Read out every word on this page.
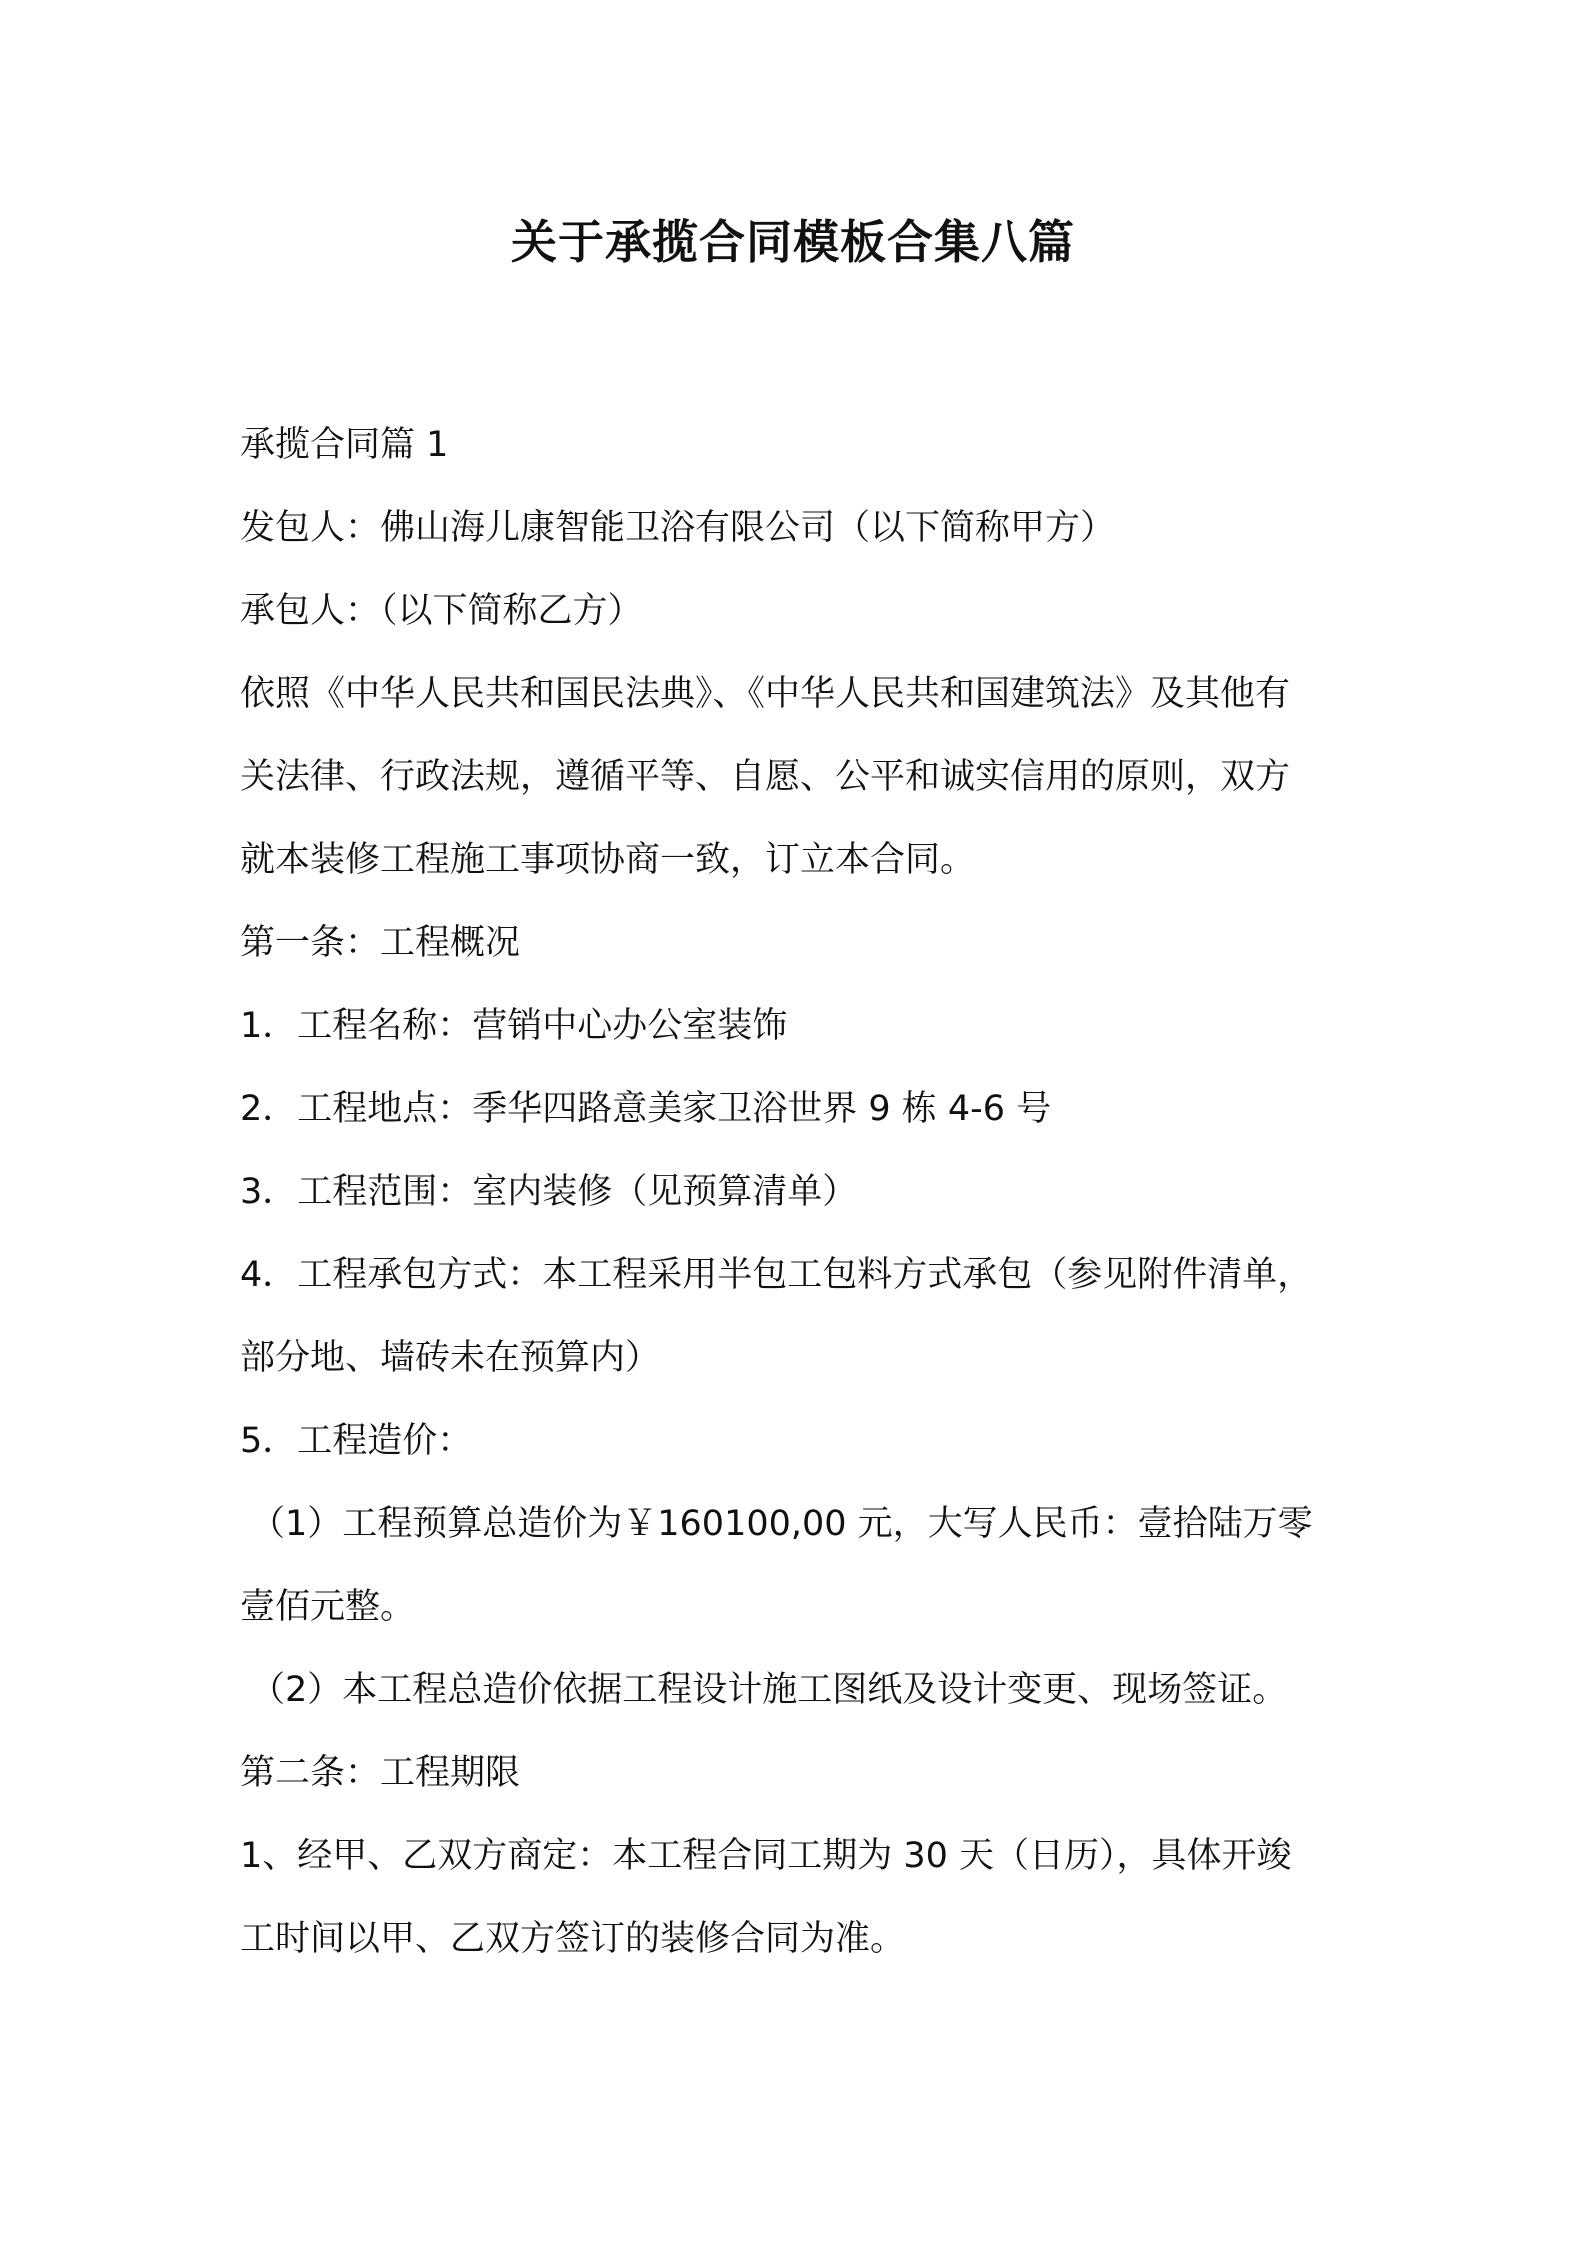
关于承揽合同模板合集八篇
承揽合同篇 1
发包人：佛山海儿康智能卫浴有限公司（以下简称甲方）
承包人：（以下简称乙方）
依照《中华人民共和国民法典》、《中华人民共和国建筑法》及其他有
关法律、行政法规，遵循平等、自愿、公平和诚实信用的原则，双方
就本装修工程施工事项协商一致，订立本合同。
第一条：工程概况
1．工程名称：营销中心办公室装饰
2．工程地点：季华四路意美家卫浴世界 9 栋 4-6 号
3．工程范围：室内装修（见预算清单）
4．工程承包方式：本工程采用半包工包料方式承包（参见附件清单，
部分地、墙砖未在预算内）
5．工程造价：
（1）工程预算总造价为￥160100,00 元，大写人民币：壹拾陆万零
壹佰元整。
（2）本工程总造价依据工程设计施工图纸及设计变更、现场签证。
第二条：工程期限
1、经甲、乙双方商定：本工程合同工期为 30 天（日历），具体开竣
工时间以甲、乙双方签订的装修合同为准。
